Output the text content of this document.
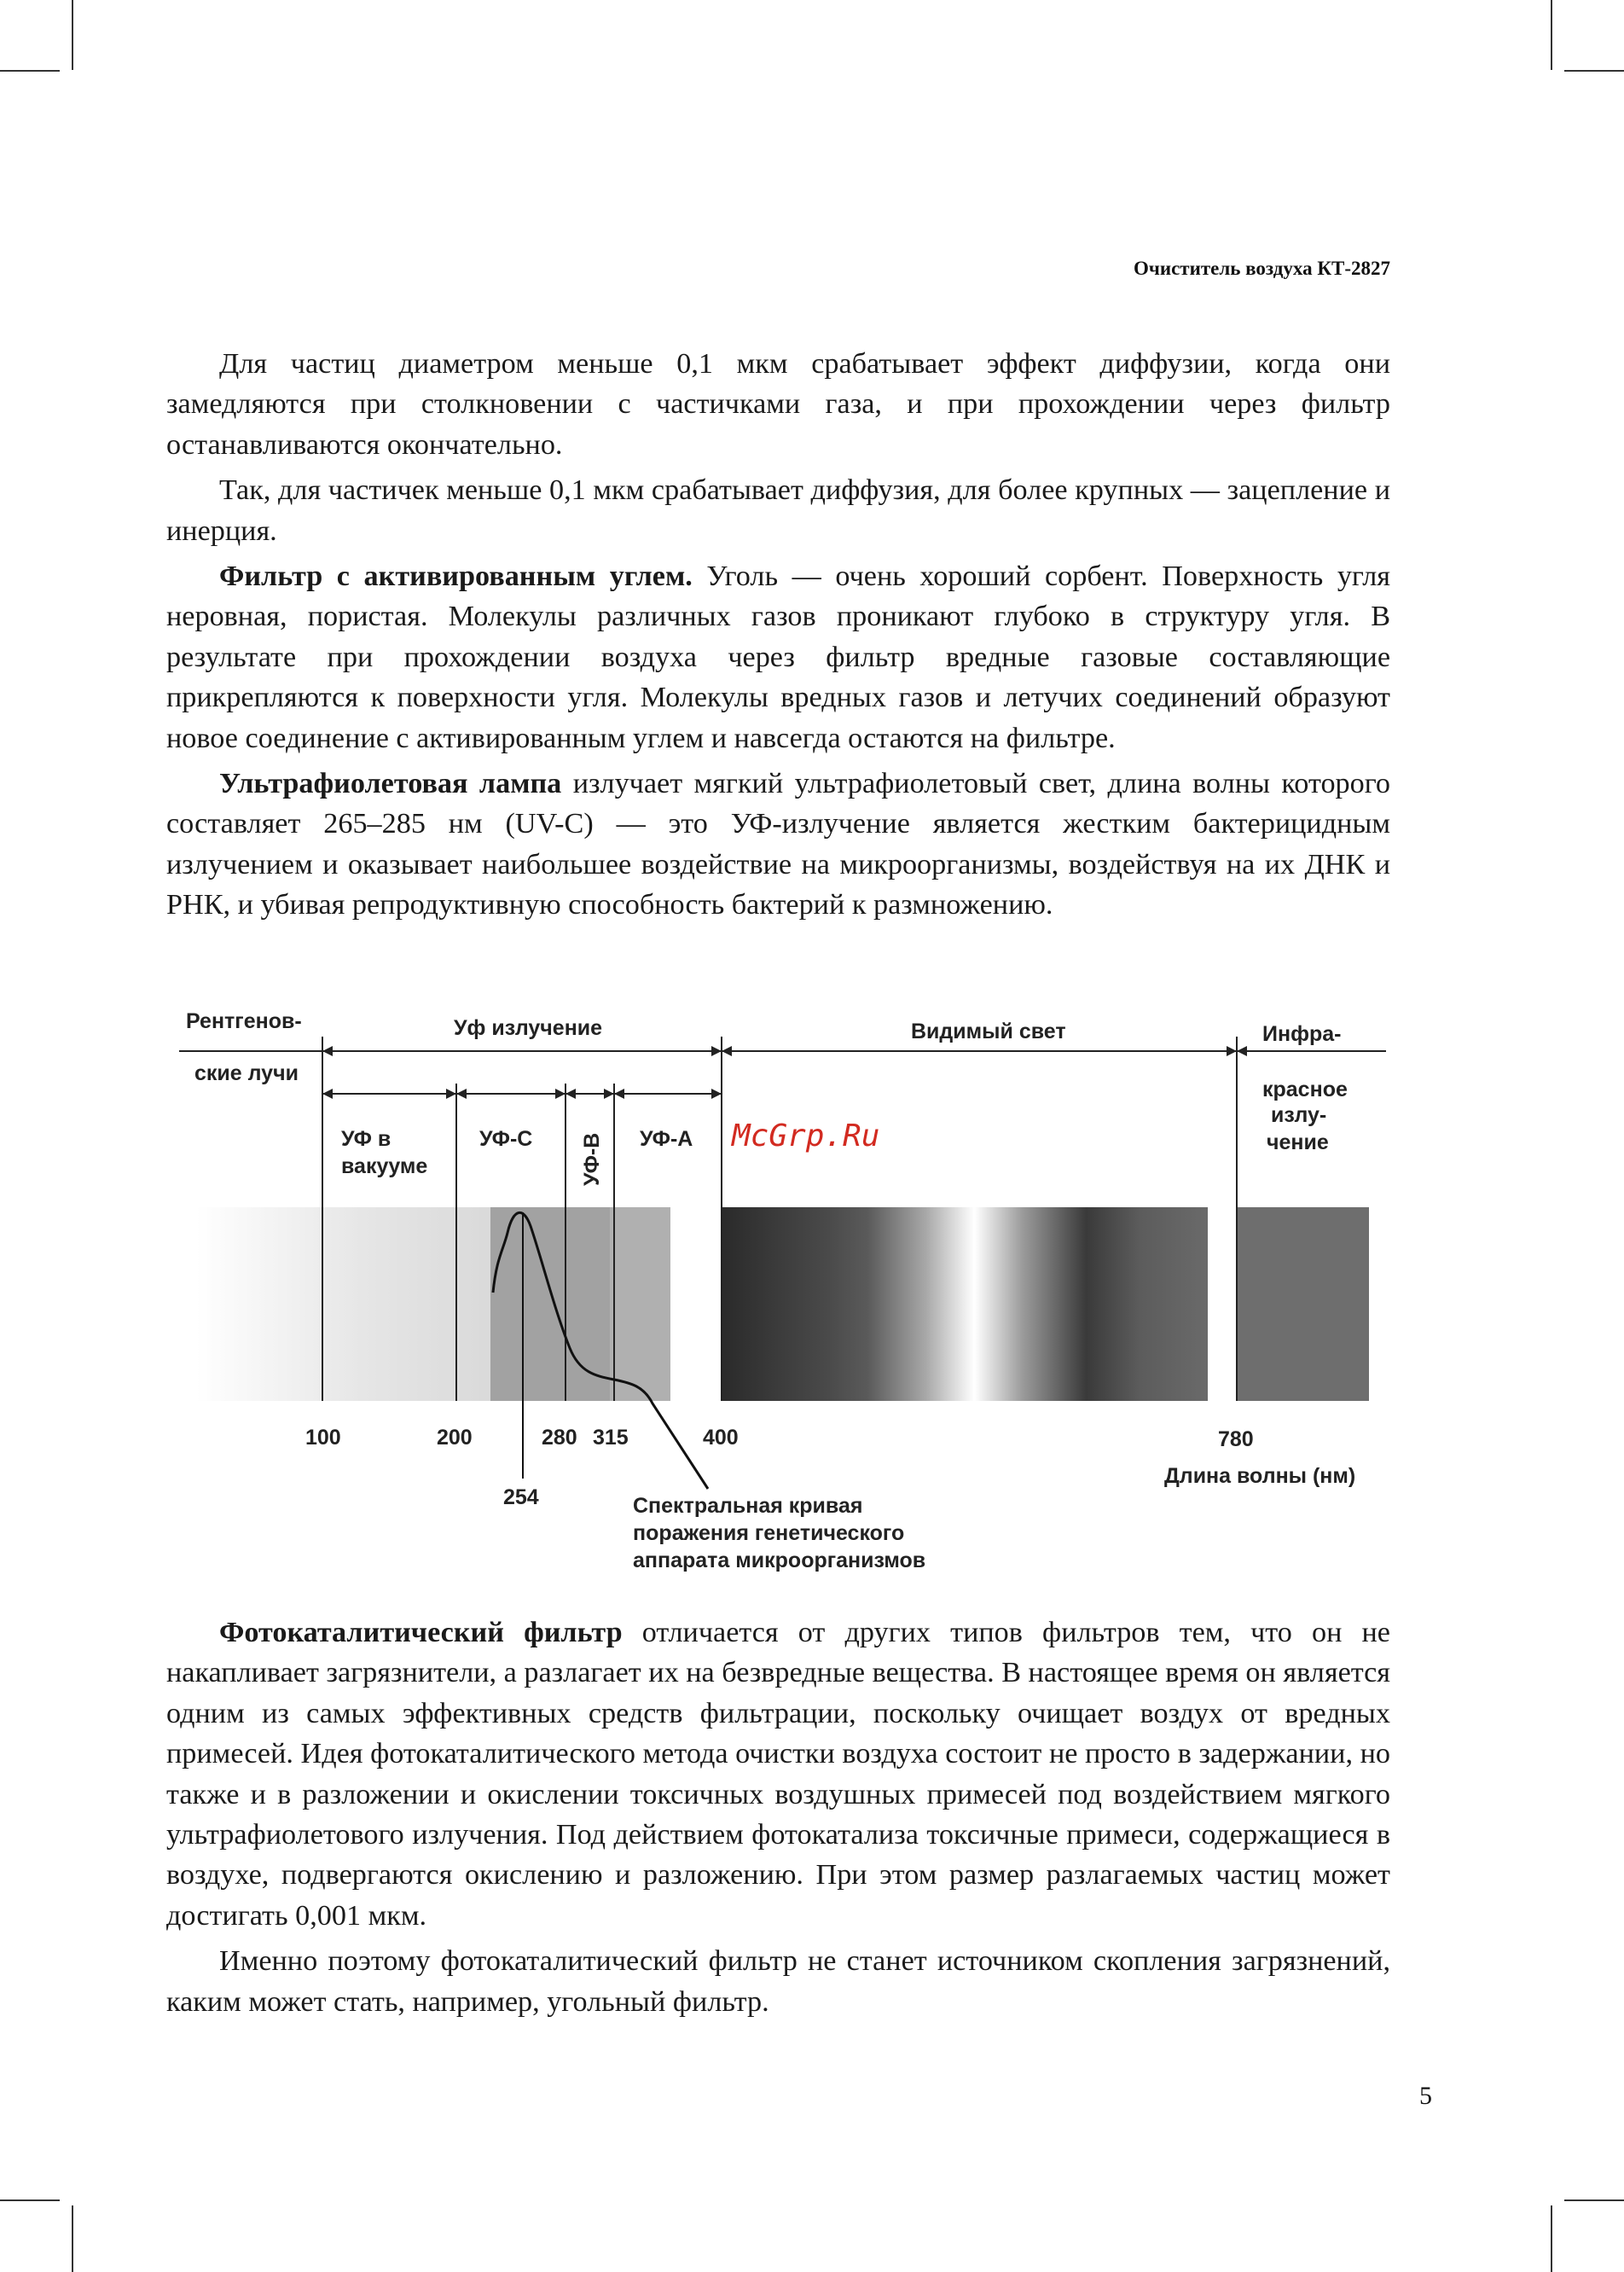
Очиститель воздуха КТ-2827

Для частиц диаметром меньше 0,1 мкм срабатывает эффект диффузии, когда они замедляются при столкновении с частичками газа, и при прохождении через фильтр останавливаются окончательно.

Так, для частичек меньше 0,1 мкм срабатывает диффузия, для более крупных — зацепление и инерция.

Фильтр с активированным углем. Уголь — очень хороший сорбент. Поверхность угля неровная, пористая. Молекулы различных газов проникают глубоко в структуру угля. В результате при прохождении воздуха через фильтр вредные газовые составляющие прикрепляются к поверхности угля. Молекулы вредных газов и летучих соединений образуют новое соединение с активированным углем и навсегда остаются на фильтре.

Ультрафиолетовая лампа излучает мягкий ультрафиолетовый свет, длина волны которого составляет 265–285 нм (UV-C) — это УФ-излучение является жестким бактерицидным излучением и оказывает наибольшее воздействие на микроорганизмы, воздействуя на их ДНК и РНК, и убивая репродуктивную способность бактерий к размножению.

Рентгенов-
ские лучи
Уф излучение	Видимый свет	Инфра-
красное
излу-
чение
УФ в
вакууме
УФ-С УФ-В УФ-А McGrp.Ru
100	200	280 315	400	780
254
Длина волны (нм)
Спектральная кривая
поражения генетического
аппарата микроорганизмов

Фотокаталитический фильтр отличается от других типов фильтров тем, что он не накапливает загрязнители, а разлагает их на безвредные вещества. В настоящее время он является одним из самых эффективных средств фильтрации, поскольку очищает воздух от вредных примесей. Идея фотокаталитического метода очистки воздуха состоит не просто в задержании, но также и в разложении и окислении токсичных воздушных примесей под воздействием мягкого ультрафиолетового излучения. Под действием фотокатализа токсичные примеси, содержащиеся в воздухе, подвергаются окислению и разложению. При этом размер разлагаемых частиц может достигать 0,001 мкм.

Именно поэтому фотокаталитический фильтр не станет источником скопления загрязнений, каким может стать, например, угольный фильтр.

5
